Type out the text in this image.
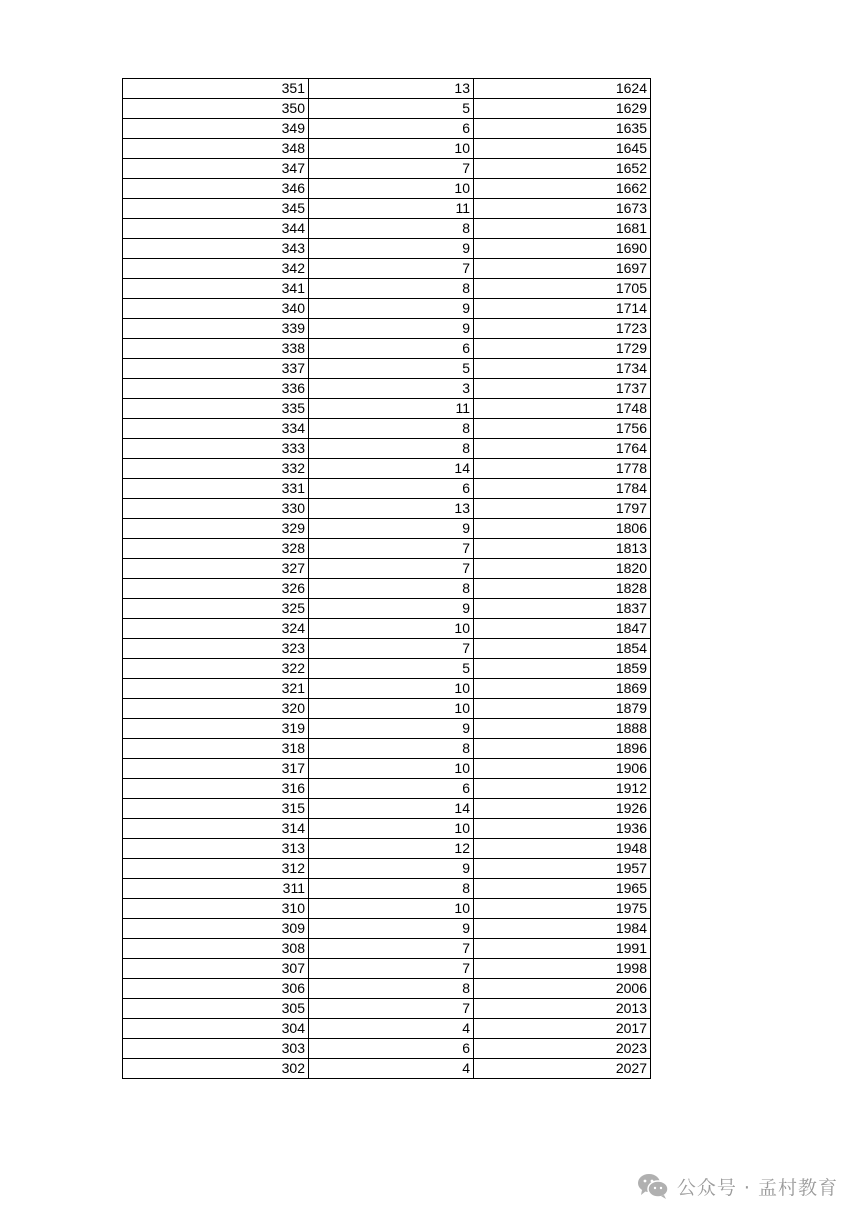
351	13	1624
350	5	1629
349	6	1635
348	10	1645
347	7	1652
346	10	1662
345	11	1673
344	8	1681
343	9	1690
342	7	1697
341	8	1705
340	9	1714
339	9	1723
338	6	1729
337	5	1734
336	3	1737
335	11	1748
334	8	1756
333	8	1764
332	14	1778
331	6	1784
330	13	1797
329	9	1806
328	7	1813
327	7	1820
326	8	1828
325	9	1837
324	10	1847
323	7	1854
322	5	1859
321	10	1869
320	10	1879
319	9	1888
318	8	1896
317	10	1906
316	6	1912
315	14	1926
314	10	1936
313	12	1948
312	9	1957
311	8	1965
310	10	1975
309	9	1984
308	7	1991
307	7	1998
306	8	2006
305	7	2013
304	4	2017
303	6	2023
302	4	2027
公众号 · 孟村教育
